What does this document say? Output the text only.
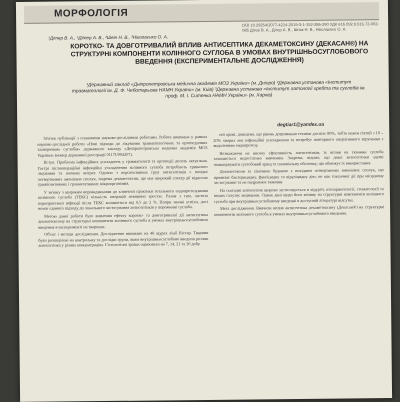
МОРФОЛОГІЯ
DOI 10.29254/2077-4214-2019-3-1-152-286-290 УДК 616.092.6:616.72-002-085 Дітер В. А., Дітер А. В., Шпак Н. В., Ніколаєнко О. А.
¹Дітер В. А., ¹Дітер А. В., ²Шеін Н. В., ³Ніколаєнко О. А.
КОРОТКО- ТА ДОВГОТРИВАЛИЙ ВПЛИВ АНТИСЕПТИКА ДЕКАМЕТОКСИНУ (ДЕКАСАН®) НА СТРУКТУРНІ КОМПОНЕНТИ КОЛІННОГО СУГЛОБА В УМОВАХ ВНУТРІШНЬОСУГЛОБОВОГО ВВЕДЕННЯ (ЕКСПЕРИМЕНТАЛЬНЕ ДОСЛІДЖЕННЯ)
¹Державний заклад «Дніпропетровська медична академія МОЗ України» (м. Дніпро) ²Державна установа «Інститут травматології ім. Д. Ф. Чеботарьова НАМН України» (м. Київ) ³Державна установа «Інститут патології хребта та суглобів ім. проф. М. І. Ситенка НАМН України» (м. Харків)
degtiar1@yandex.ua

Зв'язок публікації з плановими науково-дослідними роботами. Робота виконана у рамках науково-дослідної роботи «Нові підходи до лікування травматологічних та ортопедичних захворювань суглобів» державного закладу «Дніпропетровська медична академія МОЗ України» (номер державної реєстрації 0117U004207).

Вступ. Проблема інфекційних ускладнень у травматології та ортопедії досить актуальна. Гострі післяопераційні інфекційні ускладнення колінного суглоба потребують тривалого лікування та значних витрат. Однією з перспективних груп антисептиків є похідні четвертинних амонієвих сполук, зокрема декаметоксин, що має широкий спектр дії відносно грампозитивних і грамнегативних мікроорганізмів.

У зв'язку з широким впровадженням до клінічної практики тотального ендопротезування колінного суглоба (ТЕКС) кількість операцій невпинно зростає. Разом з тим, частота перипротезної інфекції після ТЕКС коливається від 0,5 до 2 %. Попри значні успіхи, досі немає єдиного підходу до локального застосування антисептиків у порожнині суглоба.

Метою даної роботи було вивчення ефекту коротко- та довготривалої дії антисептика декаметоксину на структурні компоненти колінного суглоба в умовах внутрішньосуглобового введення в експерименті на тваринах.

Об'єкт і методи дослідження. Дослідження виконано на 48 щурах лінії Вістар. Тварини були розподілені на контрольну та дослідні групи, яким внутрішньосуглобово вводили розчин антисептика у різних концентраціях. Гістологічні зразки оцінювали на 7, 14, 21 та 30 добу.

ної крові, доведено, що рівень дотримання техніки досягає 80%, тобто кожен п'ятий з 10 – 20% хворих має інфекційні ускладнення та потребує повторного оперативного втручання з видаленням ендопротезу.

Незважаючи на високу ефективність антисептиків, їх вплив на тканини суглоба залишається недостатньо вивченим. Зокрема, відомо, що деякі антисептики здатні пошкоджувати суглобовий хрящ та синовіальну оболонку, що обмежує їх використання.

Декаметоксин за хімічною будовою є похідним четвертинних амонієвих сполук, що проявляє бактерицидну, фунгіцидну та віруліцидну дію, не має токсичної дії при місцевому застосуванні та не подразнює тканини.

На сьогодні антисептик широко застосовується в хірургії, отоларингології, стоматології та інших галузях медицини. Однак дані щодо його впливу на структурні компоненти колінного суглоба при внутрішньосуглобовому введенні в доступній літературі відсутні.

Мета дослідження. Вивчити вплив антисептика декаметоксину (Декасан®) на структурні компоненти колінного суглоба в умовах внутрішньосуглобового введення.
